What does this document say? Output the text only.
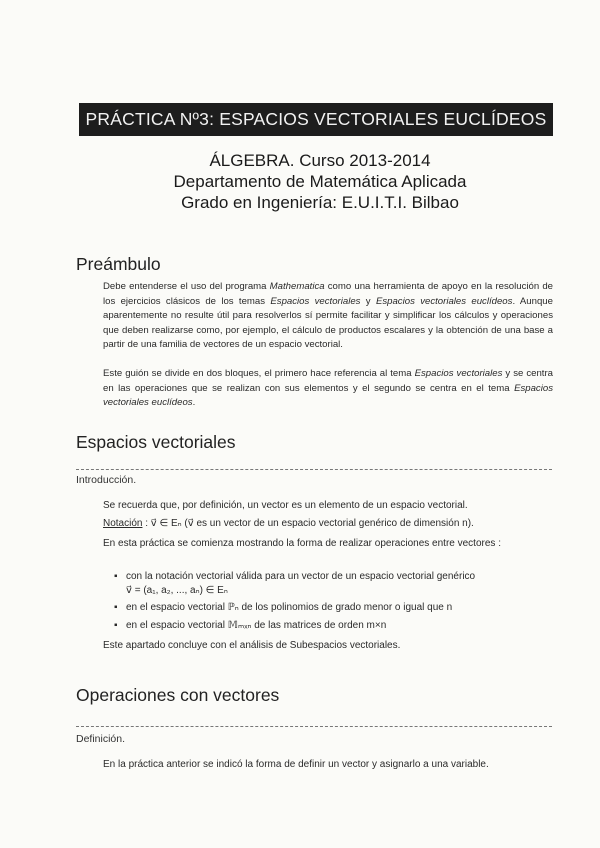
PRÁCTICA Nº3: ESPACIOS VECTORIALES EUCLÍDEOS
ÁLGEBRA. Curso 2013-2014
Departamento de Matemática Aplicada
Grado en Ingeniería: E.U.I.T.I. Bilbao
Preámbulo
Debe entenderse el uso del programa Mathematica como una herramienta de apoyo en la resolución de los ejercicios clásicos de los temas Espacios vectoriales y Espacios vectoriales euclídeos. Aunque aparentemente no resulte útil para resolverlos sí permite facilitar y simplificar los cálculos y operaciones que deben realizarse como, por ejemplo, el cálculo de productos escalares y la obtención de una base a partir de una familia de vectores de un espacio vectorial.
Este guión se divide en dos bloques, el primero hace referencia al tema Espacios vectoriales y se centra en las operaciones que se realizan con sus elementos y el segundo se centra en el tema Espacios vectoriales euclídeos.
Espacios vectoriales
Introducción.
Se recuerda que, por definición, un vector es un elemento de un espacio vectorial.
Notación : v⃗ ∈ Eₙ (v⃗ es un vector de un espacio vectorial genérico de dimensión n).
En esta práctica se comienza mostrando la forma de realizar operaciones entre vectores :
▪ con la notación vectorial válida para un vector de un espacio vectorial genérico
v⃗ = (a₁, a₂, ..., aₙ) ∈ Eₙ
▪ en el espacio vectorial ℙₙ de los polinomios de grado menor o igual que n
▪ en el espacio vectorial 𝕄ₘₓₙ de las matrices de orden m×n
Este apartado concluye con el análisis de Subespacios vectoriales.
Operaciones con vectores
Definición.
En la práctica anterior se indicó la forma de definir un vector y asignarlo a una variable.
